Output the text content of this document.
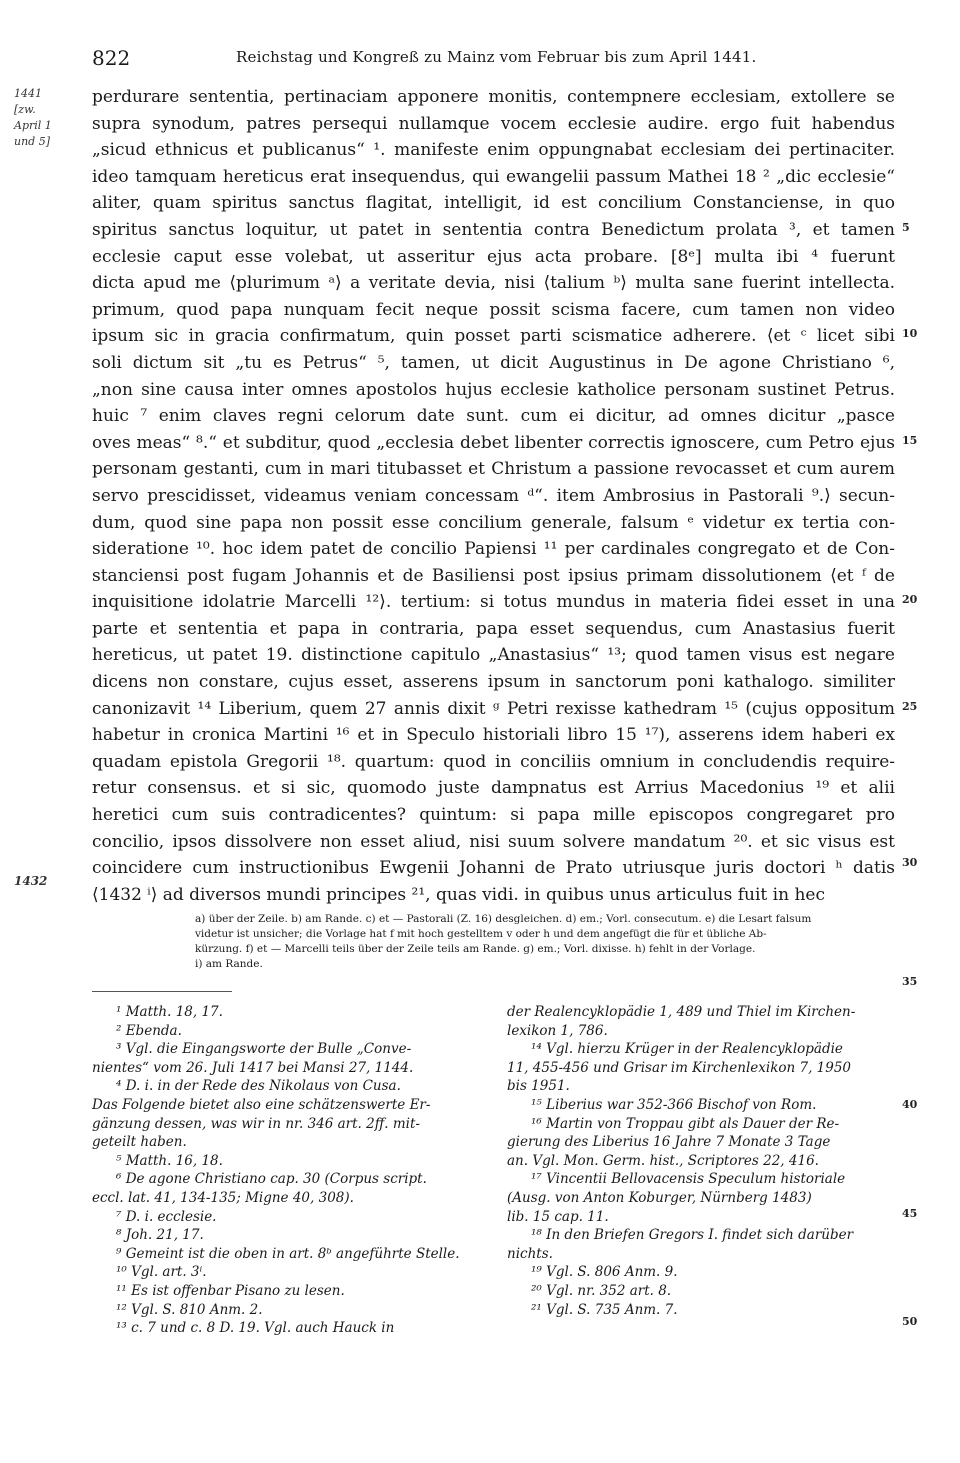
822	Reichstag und Kongreß zu Mainz vom Februar bis zum April 1441.
1441
[zw.
April 1
und 5]
1432
5
10
15
20
25
30
35
40
45
50
perdurare sententia, pertinaciam apponere monitis, contempnere ecclesiam, extollere se
supra synodum, patres persequi nullamque vocem ecclesie audire. ergo fuit habendus
„sicud ethnicus et publicanus“ ¹. manifeste enim oppungnabat ecclesiam dei pertinaciter.
ideo tamquam hereticus erat insequendus, qui ewangelii passum Mathei 18 ² „dic ecclesie“
aliter, quam spiritus sanctus flagitat, intelligit, id est concilium Constanciense, in quo
spiritus sanctus loquitur, ut patet in sententia contra Benedictum prolata ³, et tamen
ecclesie caput esse volebat, ut asseritur ejus acta probare. [8ᵉ] multa ibi ⁴ fuerunt
dicta apud me ⟨plurimum ᵃ⟩ a veritate devia, nisi ⟨talium ᵇ⟩ multa sane fuerint intellecta.
primum, quod papa nunquam fecit neque possit scisma facere, cum tamen non video
ipsum sic in gracia confirmatum, quin posset parti scismatice adherere. ⟨et ᶜ licet sibi
soli dictum sit „tu es Petrus“ ⁵, tamen, ut dicit Augustinus in De agone Christiano ⁶,
„non sine causa inter omnes apostolos hujus ecclesie katholice personam sustinet Petrus.
huic ⁷ enim claves regni celorum date sunt. cum ei dicitur, ad omnes dicitur „pasce
oves meas“ ⁸.“ et subditur, quod „ecclesia debet libenter correctis ignoscere, cum Petro ejus
personam gestanti, cum in mari titubasset et Christum a passione revocasset et cum aurem
servo prescidisset, videamus veniam concessam ᵈ“. item Ambrosius in Pastorali ⁹.⟩ secun-
dum, quod sine papa non possit esse concilium generale, falsum ᵉ videtur ex tertia con-
sideratione ¹⁰. hoc idem patet de concilio Papiensi ¹¹ per cardinales congregato et de Con-
stanciensi post fugam Johannis et de Basiliensi post ipsius primam dissolutionem ⟨et ᶠ de
inquisitione idolatrie Marcelli ¹²⟩. tertium: si totus mundus in materia fidei esset in una
parte et sententia et papa in contraria, papa esset sequendus, cum Anastasius fuerit
hereticus, ut patet 19. distinctione capitulo „Anastasius“ ¹³; quod tamen visus est negare
dicens non constare, cujus esset, asserens ipsum in sanctorum poni kathalogo. similiter
canonizavit ¹⁴ Liberium, quem 27 annis dixit ᵍ Petri rexisse kathedram ¹⁵ (cujus oppositum
habetur in cronica Martini ¹⁶ et in Speculo historiali libro 15 ¹⁷), asserens idem haberi ex
quadam epistola Gregorii ¹⁸. quartum: quod in conciliis omnium in concludendis require-
retur consensus. et si sic, quomodo juste dampnatus est Arrius Macedonius ¹⁹ et alii
heretici cum suis contradicentes? quintum: si papa mille episcopos congregaret pro
concilio, ipsos dissolvere non esset aliud, nisi suum solvere mandatum ²⁰. et sic visus est
coincidere cum instructionibus Ewgenii Johanni de Prato utriusque juris doctori ʰ datis
⟨1432 ⁱ⟩ ad diversos mundi principes ²¹, quas vidi. in quibus unus articulus fuit in hec
a) über der Zeile. b) am Rande. c) et — Pastorali (Z. 16) desgleichen. d) em.; Vorl. consecutum. e) die Lesart falsum
videtur ist unsicher; die Vorlage hat f mit hoch gestelltem v oder h und dem angefügt die für et übliche Ab-
kürzung. f) et — Marcelli teils über der Zeile teils am Rande. g) em.; Vorl. dixisse. h) fehlt in der Vorlage.
i) am Rande.
¹ Matth. 18, 17.
² Ebenda.
³ Vgl. die Eingangsworte der Bulle „Conve-
nientes“ vom 26. Juli 1417 bei Mansi 27, 1144.
⁴ D. i. in der Rede des Nikolaus von Cusa.
Das Folgende bietet also eine schätzenswerte Er-
gänzung dessen, was wir in nr. 346 art. 2ff. mit-
geteilt haben.
⁵ Matth. 16, 18.
⁶ De agone Christiano cap. 30 (Corpus script.
eccl. lat. 41, 134-135; Migne 40, 308).
⁷ D. i. ecclesie.
⁸ Joh. 21, 17.
⁹ Gemeint ist die oben in art. 8ᵇ angeführte Stelle.
¹⁰ Vgl. art. 3ⁱ.
¹¹ Es ist offenbar Pisano zu lesen.
¹² Vgl. S. 810 Anm. 2.
¹³ c. 7 und c. 8 D. 19. Vgl. auch Hauck in
der Realencyklopädie 1, 489 und Thiel im Kirchen-
lexikon 1, 786.
¹⁴ Vgl. hierzu Krüger in der Realencyklopädie
11, 455-456 und Grisar im Kirchenlexikon 7, 1950
bis 1951.
¹⁵ Liberius war 352-366 Bischof von Rom.
¹⁶ Martin von Troppau gibt als Dauer der Re-
gierung des Liberius 16 Jahre 7 Monate 3 Tage
an. Vgl. Mon. Germ. hist., Scriptores 22, 416.
¹⁷ Vincentii Bellovacensis Speculum historiale
(Ausg. von Anton Koburger, Nürnberg 1483)
lib. 15 cap. 11.
¹⁸ In den Briefen Gregors I. findet sich darüber
nichts.
¹⁹ Vgl. S. 806 Anm. 9.
²⁰ Vgl. nr. 352 art. 8.
²¹ Vgl. S. 735 Anm. 7.
